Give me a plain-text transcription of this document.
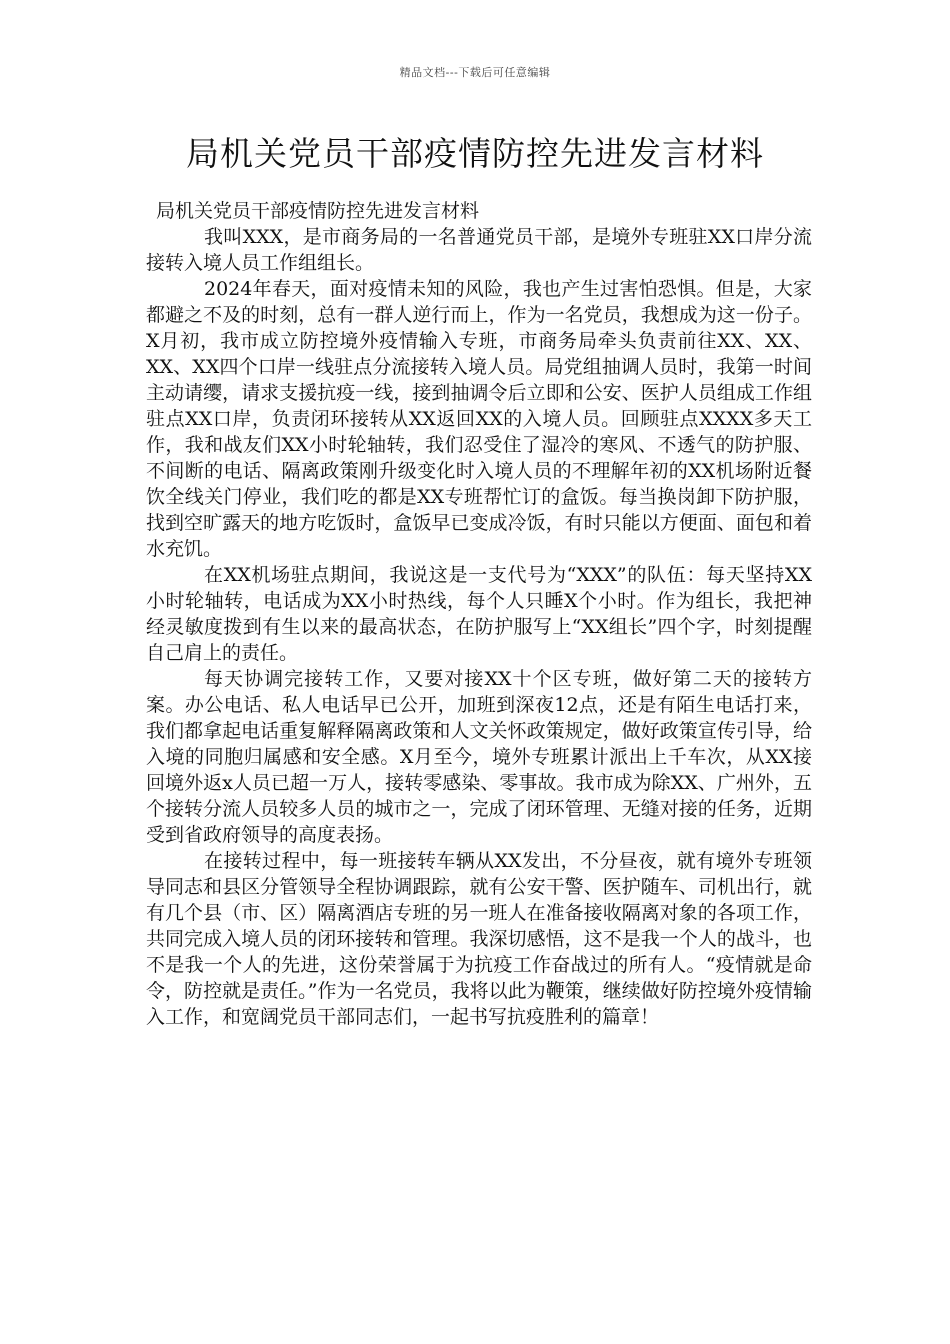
精品文档---下载后可任意编辑
局机关党员干部疫情防控先进发言材料

局机关党员干部疫情防控先进发言材料

我叫XXX，是市商务局的一名普通党员干部，是境外专班驻XX口岸分流接转入境人员工作组组长。

2024年春天，面对疫情未知的风险，我也产生过害怕恐惧。但是，大家都避之不及的时刻，总有一群人逆行而上，作为一名党员，我想成为这一份子。X月初，我市成立防控境外疫情输入专班，市商务局牵头负责前往XX、XX、XX、XX四个口岸一线驻点分流接转入境人员。局党组抽调人员时，我第一时间主动请缨，请求支援抗疫一线，接到抽调令后立即和公安、医护人员组成工作组驻点XX口岸，负责闭环接转从XX返回XX的入境人员。回顾驻点XXXX多天工作，我和战友们XX小时轮轴转，我们忍受住了湿冷的寒风、不透气的防护服、不间断的电话、隔离政策刚升级变化时入境人员的不理解年初的XX机场附近餐饮全线关门停业，我们吃的都是XX专班帮忙订的盒饭。每当换岗卸下防护服，找到空旷露天的地方吃饭时，盒饭早已变成冷饭，有时只能以方便面、面包和着水充饥。

在XX机场驻点期间，我说这是一支代号为“XXX”的队伍：每天坚持XX小时轮轴转，电话成为XX小时热线，每个人只睡X个小时。作为组长，我把神经灵敏度拨到有生以来的最高状态，在防护服写上“XX组长”四个字，时刻提醒自己肩上的责任。

每天协调完接转工作，又要对接XX十个区专班，做好第二天的接转方案。办公电话、私人电话早已公开，加班到深夜12点，还是有陌生电话打来，我们都拿起电话重复解释隔离政策和人文关怀政策规定，做好政策宣传引导，给入境的同胞归属感和安全感。X月至今，境外专班累计派出上千车次，从XX接回境外返x人员已超一万人，接转零感染、零事故。我市成为除XX、广州外，五个接转分流人员较多人员的城市之一，完成了闭环管理、无缝对接的任务，近期受到省政府领导的高度表扬。

在接转过程中，每一班接转车辆从XX发出，不分昼夜，就有境外专班领导同志和县区分管领导全程协调跟踪，就有公安干警、医护随车、司机出行，就有几个县（市、区）隔离酒店专班的另一班人在准备接收隔离对象的各项工作，共同完成入境人员的闭环接转和管理。我深切感悟，这不是我一个人的战斗，也不是我一个人的先进，这份荣誉属于为抗疫工作奋战过的所有人。“疫情就是命令，防控就是责任。”作为一名党员，我将以此为鞭策，继续做好防控境外疫情输入工作，和宽阔党员干部同志们，一起书写抗疫胜利的篇章！
